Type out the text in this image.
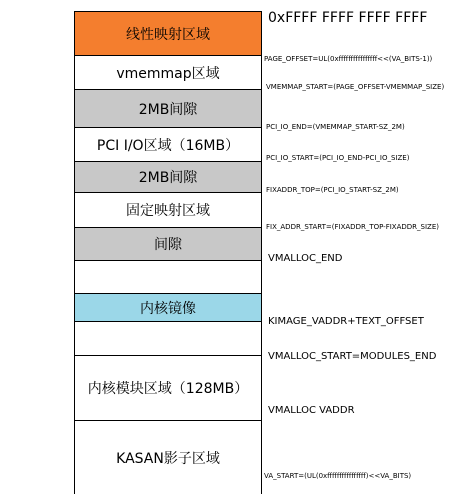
线性映射区域
vmemmap区域
2MB间隙
PCI I/O区域（16MB）
2MB间隙
固定映射区域
间隙
内核镜像
内核模块区域（128MB）
KASAN影子区域
0xFFFF FFFF FFFF FFFF
PAGE_OFFSET=UL(0xffffffffffffffff<<(VA_BITS-1))
VMEMMAP_START=(PAGE_OFFSET-VMEMMAP_SIZE)
PCI_IO_END=(VMEMMAP_START-SZ_2M)
PCI_IO_START=(PCI_IO_END-PCI_IO_SIZE)
FIXADDR_TOP=(PCI_IO_START-SZ_2M)
FIX_ADDR_START=(FIXADDR_TOP-FIXADDR_SIZE)
VMALLOC_END
KIMAGE_VADDR+TEXT_OFFSET
VMALLOC_START=MODULES_END
VMALLOC VADDR
VA_START=(UL(0xffffffffffffffff)<<VA_BITS)
